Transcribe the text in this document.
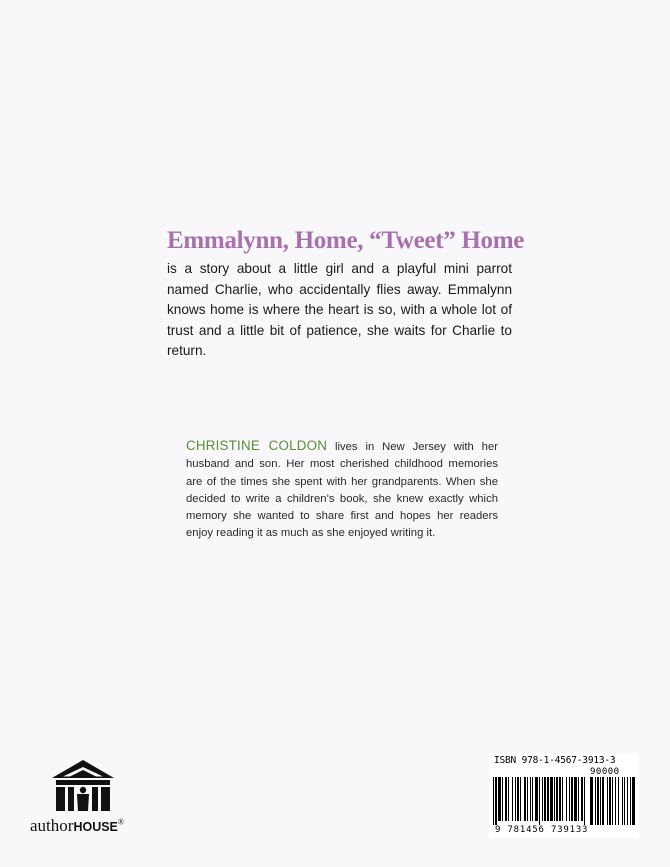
Emmalynn, Home, “Tweet” Home

is a story about a little girl and a playful mini parrot named Charlie, who accidentally flies away. Emmalynn knows home is where the heart is so, with a whole lot of trust and a little bit of patience, she waits for Charlie to return.

CHRISTINE COLDON lives in New Jersey with her husband and son. Her most cherished childhood memories are of the times she spent with her grandparents. When she decided to write a children’s book, she knew exactly which memory she wanted to share first and hopes her readers enjoy reading it as much as she enjoyed writing it.

authorHOUSE®
ISBN 978-1-4567-3913-3
90000
9 781456 739133
